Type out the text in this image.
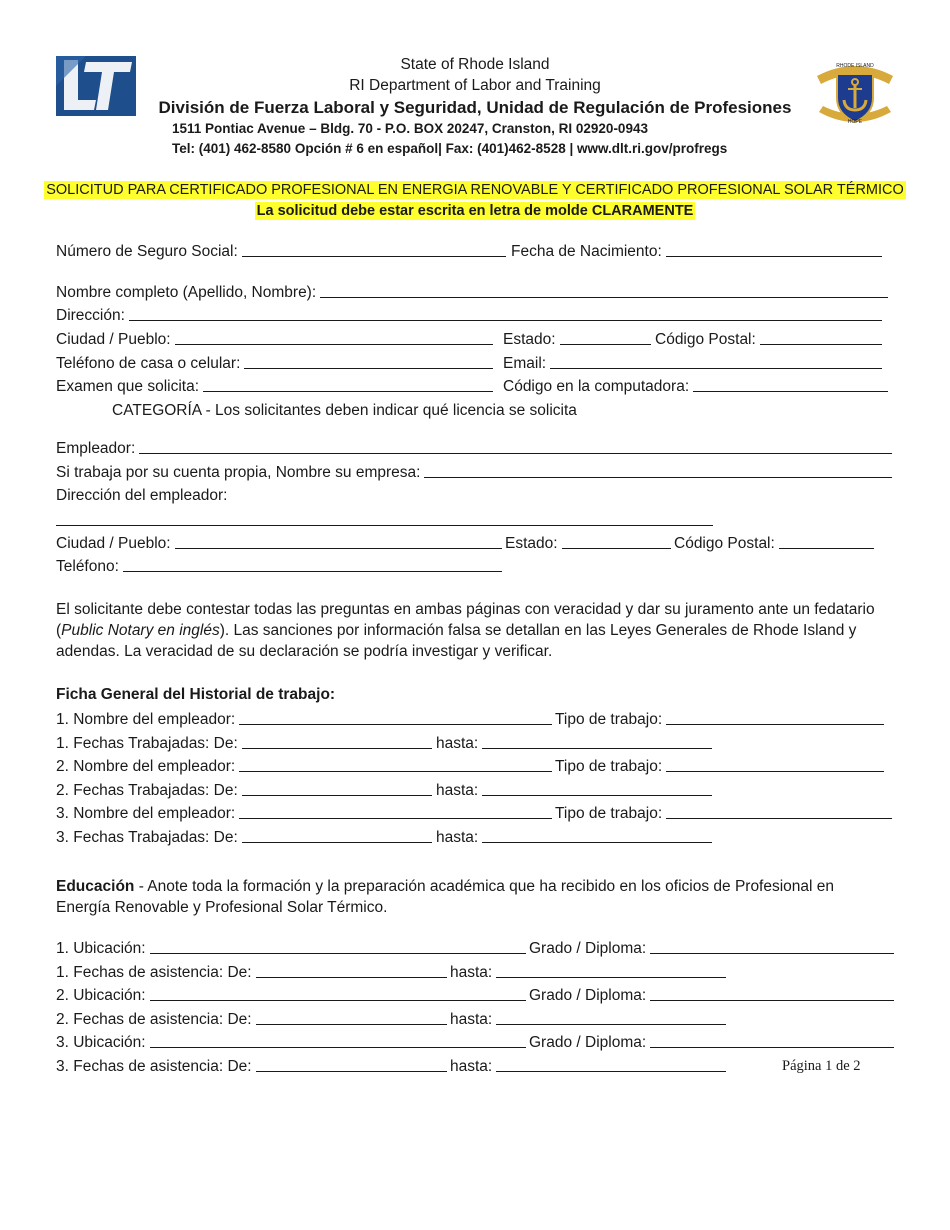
RHODE ISLAND
HOPE
State of Rhode Island
RI Department of Labor and Training
División de Fuerza Laboral y Seguridad, Unidad de Regulación de Profesiones
1511 Pontiac Avenue – Bldg. 70 - P.O. BOX 20247, Cranston, RI 02920-0943
Tel: (401) 462-8580 Opción # 6 en español| Fax: (401)462-8528 | www.dlt.ri.gov/profregs
SOLICITUD PARA CERTIFICADO PROFESIONAL EN ENERGIA RENOVABLE Y CERTIFICADO PROFESIONAL SOLAR TÉRMICO
La solicitud debe estar escrita en letra de molde CLARAMENTE
Número de Seguro Social:	Fecha de Nacimiento:
Nombre completo (Apellido, Nombre):
Dirección:
Ciudad / Pueblo:	Estado:	Código Postal:
Teléfono de casa o celular:	Email:
Examen que solicita:	Código en la computadora:
CATEGORÍA - Los solicitantes deben indicar qué licencia se solicita
Empleador:
Si trabaja por su cuenta propia, Nombre su empresa:
Dirección del empleador:
Ciudad / Pueblo:	Estado:	Código Postal:
Teléfono:
El solicitante debe contestar todas las preguntas en ambas páginas con veracidad y dar su juramento ante un fedatario (Public Notary en inglés). Las sanciones por información falsa se detallan en las Leyes Generales de Rhode Island y adendas. La veracidad de su declaración se podría investigar y verificar.
Ficha General del Historial de trabajo:
1. Nombre del empleador:	Tipo de trabajo:
1. Fechas Trabajadas: De:	hasta:
2. Nombre del empleador:	Tipo de trabajo:
2. Fechas Trabajadas: De:	hasta:
3. Nombre del empleador:	Tipo de trabajo:
3. Fechas Trabajadas: De:	hasta:
Educación - Anote toda la formación y la preparación académica que ha recibido en los oficios de Profesional en Energía Renovable y Profesional Solar Térmico.
1. Ubicación:	Grado / Diploma:
1. Fechas de asistencia: De:	hasta:
2. Ubicación:	Grado / Diploma:
2. Fechas de asistencia: De:	hasta:
3. Ubicación:	Grado / Diploma:
3. Fechas de asistencia: De:	hasta:	Página 1 de 2
